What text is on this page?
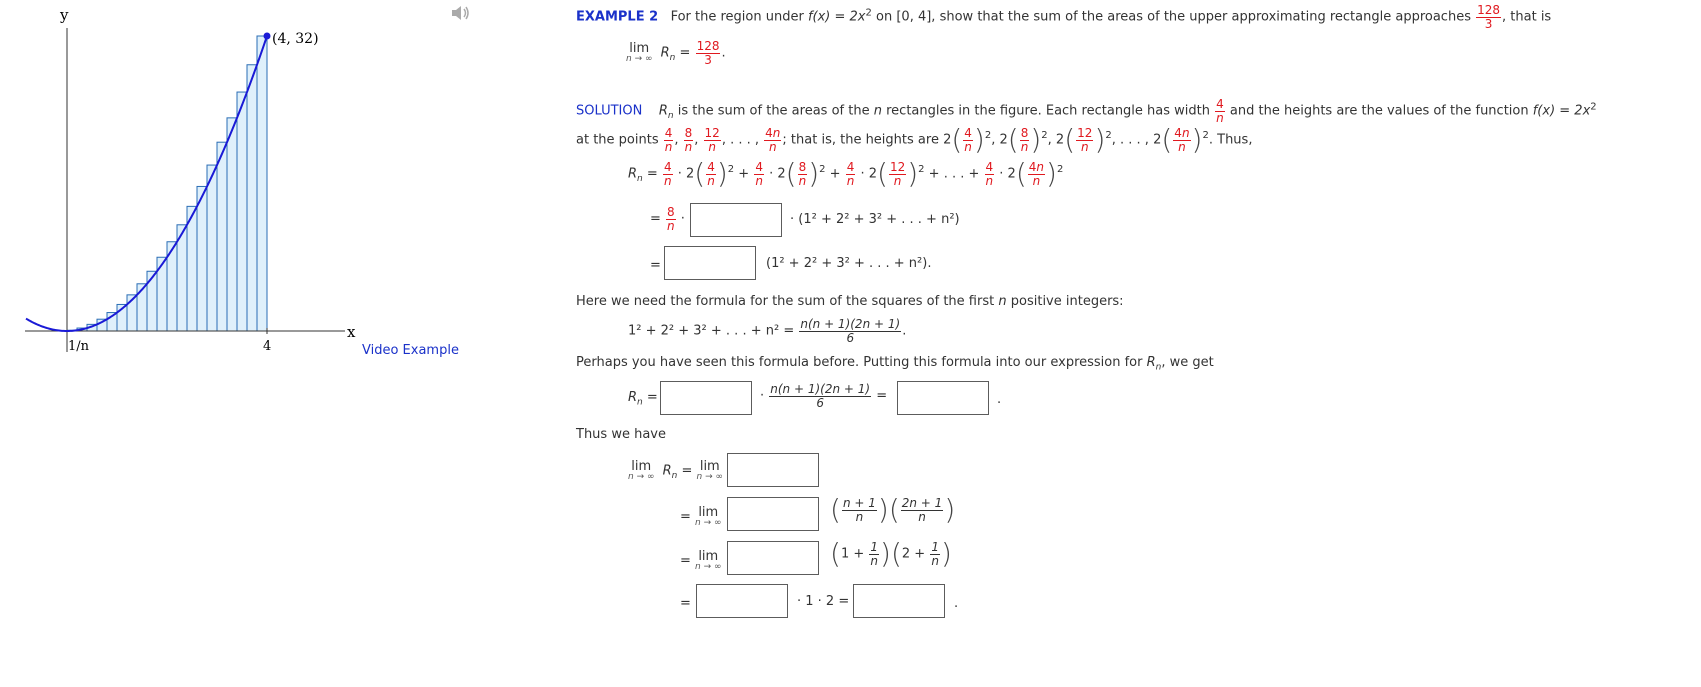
y
x
(4, 32)
1/n	4	Video Example
EXAMPLE 2 For the region under $f(x) = 2x^2$ on [0, 4], show that the sum of the areas of the upper approximating rectangle approaches $\frac{128}{3}$ , that is
lim
n → ∞ $R_n = \frac{128}{3}$ .
SOLUTION $R_n$ is the sum of the areas of the n rectangles in the figure. Each rectangle has width $\frac{4}{n}$ and the heights are the values of the function $f(x) = 2x^2$
at the points $\frac{4}{n}$ , $\frac{8}{n}$ , $\frac{12}{n}$ , . . . , $\frac{4n}{n}$ ; that is, the heights are $2( \frac{4}{n} )^2$, $2( \frac{8}{n} )^2$, $2( \frac{12}{n} )^2$, . . . , $2( \frac{4n}{n} )^2$. Thus,
$R_n = \frac{4}{n} \cdot 2( \frac{4}{n} )^2 + \frac{4}{n} \cdot 2( \frac{8}{n} )^2 + \frac{4}{n} \cdot 2( \frac{12}{n} )^2$ + . . . + $\frac{4}{n} \cdot 2( \frac{4n}{n} )^2$
= $\frac{8}{n}$ ·	· (1² + 2² + 3² + . . . + n²)
=	(1² + 2² + 3² + . . . + n²).
Here we need the formula for the sum of the squares of the first n positive integers:
1² + 2² + 3² + . . . + $n^2 = \frac{n(n + 1)(2n + 1)}{6}$ .
Perhaps you have seen this formula before. Putting this formula into our expression for $R_n$, we get
$R_n$ =	· $\frac{n(n + 1)(2n + 1)}{6}$ =	.
Thus we have
lim
n → ∞ $R_n = \lim$
n → ∞
= lim
n → ∞	( $\frac{n + 1}{n}$ )( $\frac{2n + 1}{n}$ )
= lim
n → ∞	$(1 + \frac{1}{n} )(2 + \frac{1}{n}$ )
=	· 1 · 2 =	.
